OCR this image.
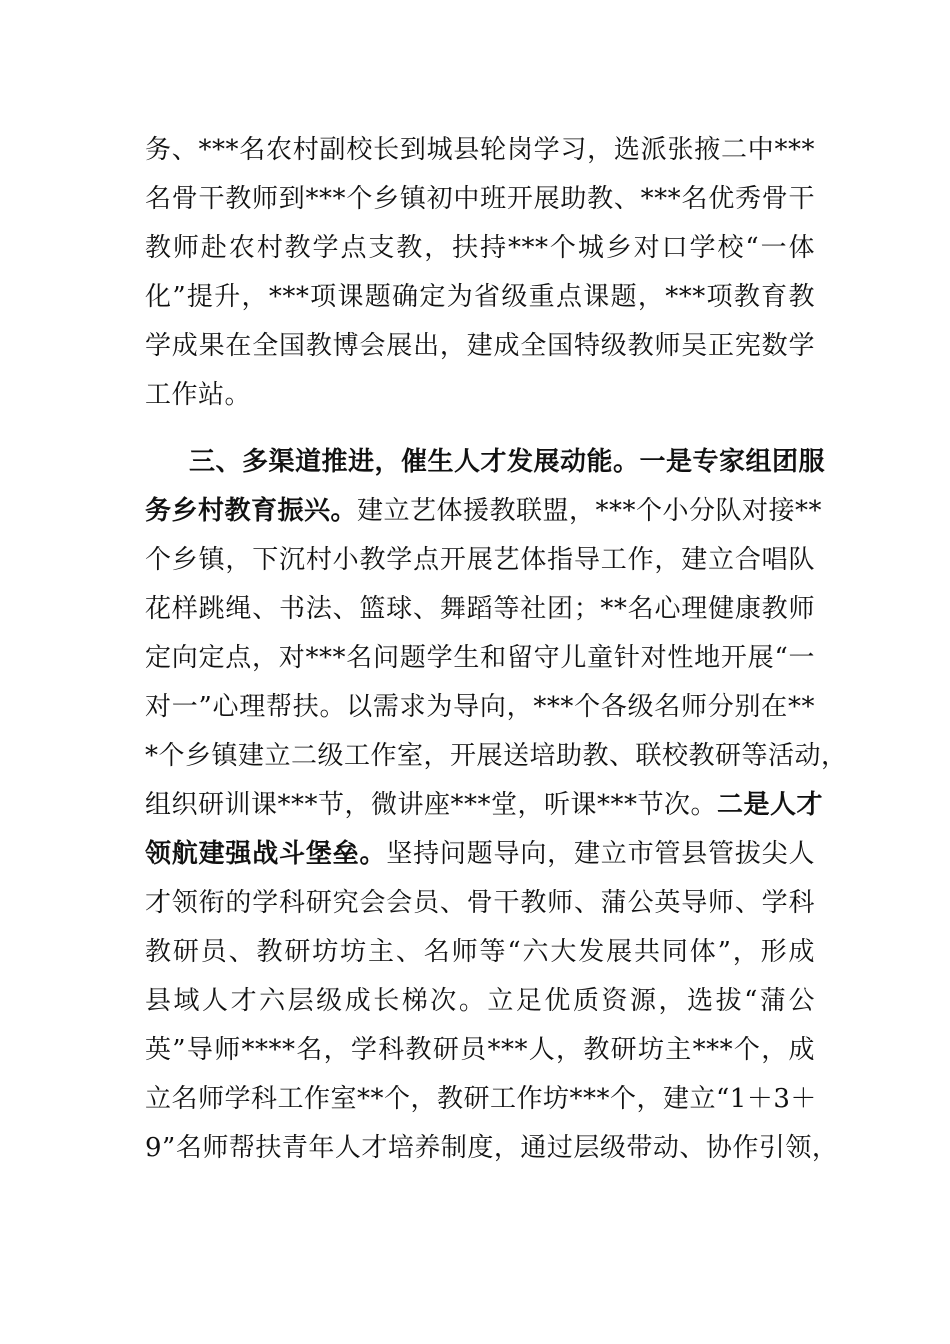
务、***名农村副校长到城县轮岗学习，选派张掖二中***
名骨干教师到***个乡镇初中班开展助教、***名优秀骨干
教师赴农村教学点支教，扶持***个城乡对口学校“一体
化”提升，***项课题确定为省级重点课题，***项教育教
学成果在全国教博会展出，建成全国特级教师吴正宪数学
工作站。
三、多渠道推进，催生人才发展动能。一是专家组团服
务乡村教育振兴。建立艺体援教联盟，***个小分队对接**
个乡镇，下沉村小教学点开展艺体指导工作，建立合唱队
花样跳绳、书法、篮球、舞蹈等社团；**名心理健康教师
定向定点，对***名问题学生和留守儿童针对性地开展“一
对一”心理帮扶。以需求为导向，***个各级名师分别在**
*个乡镇建立二级工作室，开展送培助教、联校教研等活动，
组织研训课***节，微讲座***堂，听课***节次。二是人才
领航建强战斗堡垒。坚持问题导向，建立市管县管拔尖人
才领衔的学科研究会会员、骨干教师、蒲公英导师、学科
教研员、教研坊坊主、名师等“六大发展共同体”，形成
县域人才六层级成长梯次。立足优质资源，选拔“蒲公
英”导师****名，学科教研员***人，教研坊主***个，成
立名师学科工作室**个，教研工作坊***个，建立“1＋3＋
9”名师帮扶青年人才培养制度，通过层级带动、协作引领，
